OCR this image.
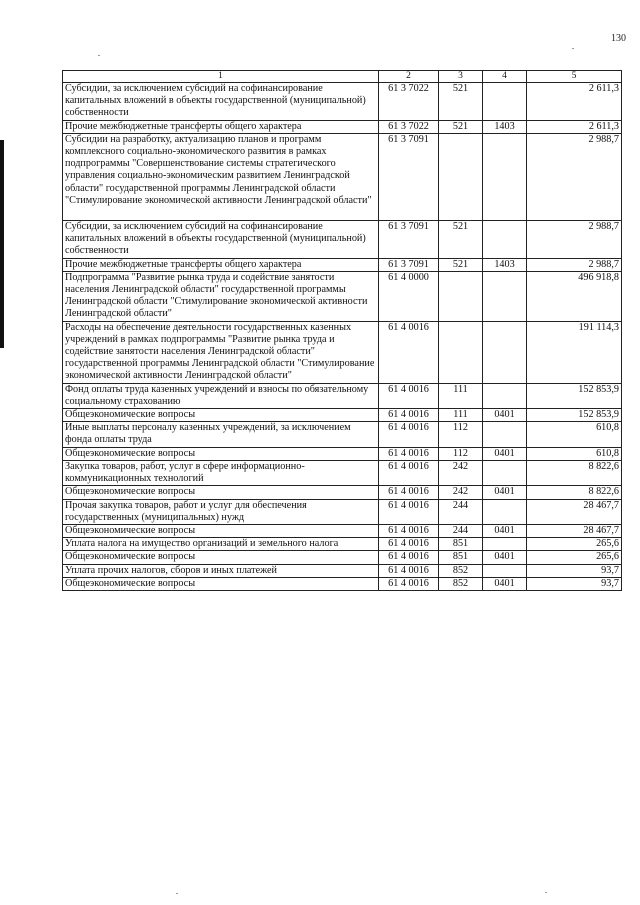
130
1	2	3	4	5
Субсидии, за исключением субсидий на софинансирование капитальных вложений в объекты государственной (муниципальной) собственности	61 3 7022	521		2 611,3
Прочие межбюджетные трансферты общего характера	61 3 7022	521	1403	2 611,3
Субсидии на разработку, актуализацию планов и программ комплексного социально-экономического развития в рамках подпрограммы "Совершенствование системы стратегического управления социально-экономическим развитием Ленинградской области" государственной программы Ленинградской области "Стимулирование экономической активности Ленинградской области"	61 3 7091			2 988,7
Субсидии, за исключением субсидий на софинансирование капитальных вложений в объекты государственной (муниципальной) собственности	61 3 7091	521		2 988,7
Прочие межбюджетные трансферты общего характера	61 3 7091	521	1403	2 988,7
Подпрограмма "Развитие рынка труда и содействие занятости населения Ленинградской области" государственной программы Ленинградской области "Стимулирование экономической активности Ленинградской области"	61 4 0000			496 918,8
Расходы на обеспечение деятельности государственных казенных учреждений в рамках подпрограммы "Развитие рынка труда и содействие занятости населения Ленинградской области" государственной программы Ленинградской области "Стимулирование экономической активности Ленинградской области"	61 4 0016			191 114,3
Фонд оплаты труда казенных учреждений и взносы по обязательному социальному страхованию	61 4 0016	111		152 853,9
Общеэкономические вопросы	61 4 0016	111	0401	152 853,9
Иные выплаты персоналу казенных учреждений, за исключением фонда оплаты труда	61 4 0016	112		610,8
Общеэкономические вопросы	61 4 0016	112	0401	610,8
Закупка товаров, работ, услуг в сфере информационно-коммуникационных технологий	61 4 0016	242		8 822,6
Общеэкономические вопросы	61 4 0016	242	0401	8 822,6
Прочая закупка товаров, работ и услуг для обеспечения государственных (муниципальных) нужд	61 4 0016	244		28 467,7
Общеэкономические вопросы	61 4 0016	244	0401	28 467,7
Уплата налога на имущество организаций и земельного налога	61 4 0016	851		265,6
Общеэкономические вопросы	61 4 0016	851	0401	265,6
Уплата прочих налогов, сборов и иных платежей	61 4 0016	852		93,7
Общеэкономические вопросы	61 4 0016	852	0401	93,7
